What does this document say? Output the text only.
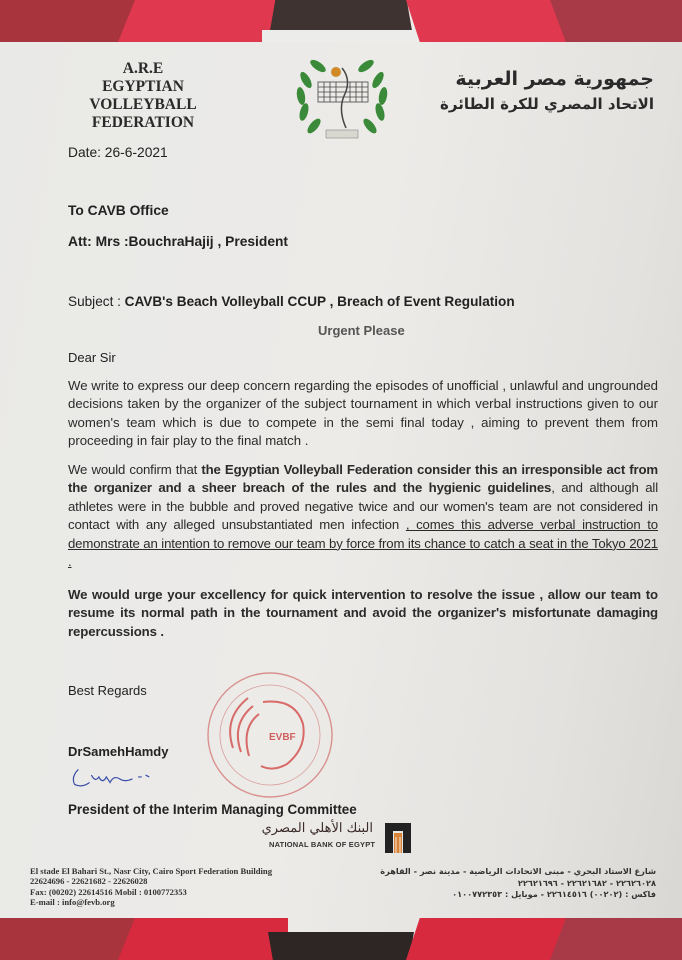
A.R.E
EGYPTIAN VOLLEYBALL
FEDERATION
جمهورية مصر العربية
الاتحاد المصري للكرة الطائرة
Date: 26-6-2021
To CAVB Office
Att: Mrs :BouchraHajij , President
Subject : CAVB's Beach Volleyball CCUP , Breach of Event Regulation
Urgent Please
Dear Sir
We write to express our deep concern regarding the episodes of unofficial , unlawful and ungrounded decisions taken by the organizer of the subject tournament in which verbal instructions given to our women's team which is due to compete in the semi final today , aiming to prevent them from proceeding in fair play to the final match .
We would confirm that the Egyptian Volleyball Federation consider this an irresponsible act from the organizer and a sheer breach of the rules and the hygienic guidelines, and although all athletes were in the bubble and proved negative twice and our women's team are not considered in contact with any alleged unsubstantiated men infection , comes this adverse verbal instruction to demonstrate an intention to remove our team by force from its chance to catch a seat in the Tokyo 2021 .
We would urge your excellency for quick intervention to resolve the issue , allow our team to resume its normal path in the tournament and avoid the organizer's misfortunate damaging repercussions .
Best Regards
DrSamehHamdy
President of the Interim Managing Committee
EVBF
البنك الأهلي المصري
NATIONAL BANK OF EGYPT
El stade El Bahari St., Nasr City, Cairo Sport Federation Building
22624696 - 22621682 - 22626028
Fax: (00202) 22614516 Mobil : 0100772353
E-mail : info@fevb.org
شارع الاستاد البحري - مبنى الاتحادات الرياضية - مدينة نصر - القاهرة
٢٢٦٢٦٠٢٨ - ٢٢٦٢١٦٨٢ - ٢٢٦٢١٦٩٦
فاكس : (٠٠٢٠٢) ٢٢٦١٤٥١٦ - موبايل : ٠١٠٠٧٧٢٣٥٣
